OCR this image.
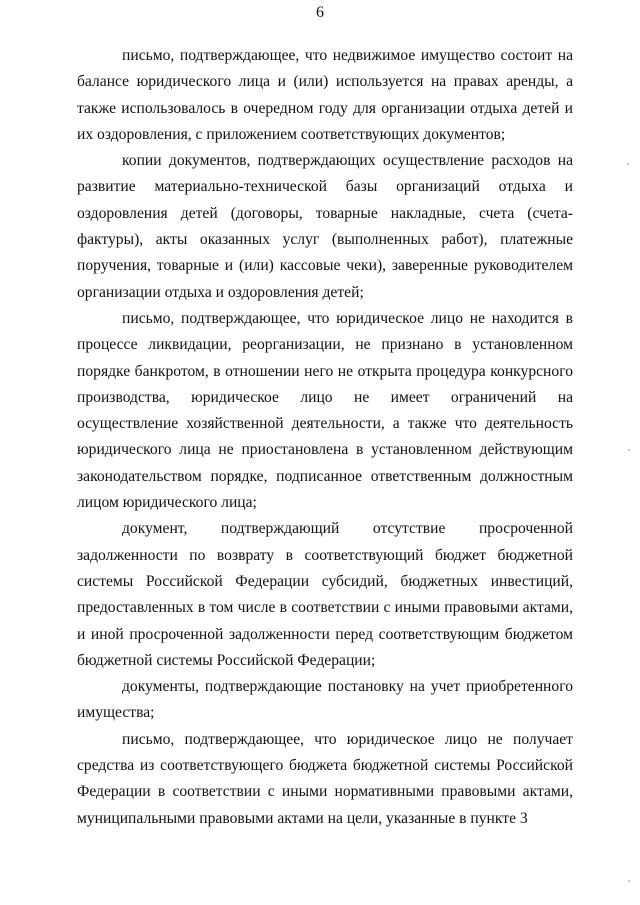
6

письмо, подтверждающее, что недвижимое имущество состоит на балансе юридического лица и (или) используется на правах аренды, а также использовалось в очередном году для организации отдыха детей и их оздоровления, с приложением соответствующих документов;

копии документов, подтверждающих осуществление расходов на развитие материально-технической базы организаций отдыха и оздоровления детей (договоры, товарные накладные, счета (счета-фактуры), акты оказанных услуг (выполненных работ), платежные поручения, товарные и (или) кассовые чеки), заверенные руководителем организации отдыха и оздоровления детей;

письмо, подтверждающее, что юридическое лицо не находится в процессе ликвидации, реорганизации, не признано в установленном порядке банкротом, в отношении него не открыта процедура конкурсного производства, юридическое лицо не имеет ограничений на осуществление хозяйственной деятельности, а также что деятельность юридического лица не приостановлена в установленном действующим законодательством порядке, подписанное ответственным должностным лицом юридического лица;

документ, подтверждающий отсутствие просроченной задолженности по возврату в соответствующий бюджет бюджетной системы Российской Федерации субсидий, бюджетных инвестиций, предоставленных в том числе в соответствии с иными правовыми актами, и иной просроченной задолженности перед соответствующим бюджетом бюджетной системы Российской Федерации;

документы, подтверждающие постановку на учет приобретенного имущества;

письмо, подтверждающее, что юридическое лицо не получает средства из соответствующего бюджета бюджетной системы Российской Федерации в соответствии с иными нормативными правовыми актами, муниципальными правовыми актами на цели, указанные в пункте 3
